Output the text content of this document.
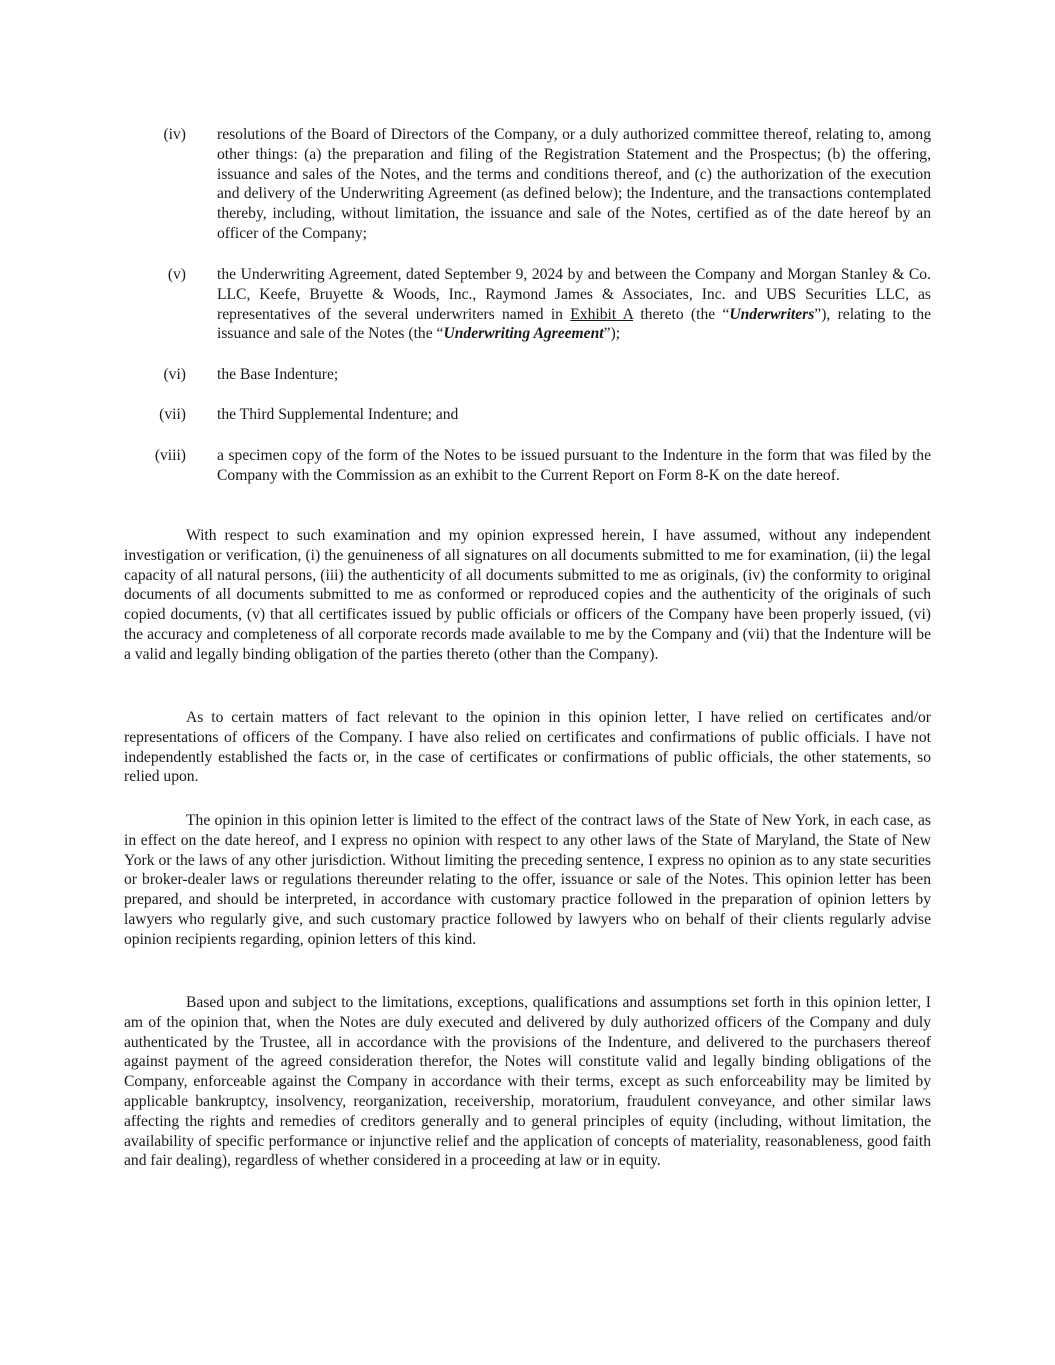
(iv) resolutions of the Board of Directors of the Company, or a duly authorized committee thereof, relating to, among other things: (a) the preparation and filing of the Registration Statement and the Prospectus; (b) the offering, issuance and sales of the Notes, and the terms and conditions thereof, and (c) the authorization of the execution and delivery of the Underwriting Agreement (as defined below); the Indenture, and the transactions contemplated thereby, including, without limitation, the issuance and sale of the Notes, certified as of the date hereof by an officer of the Company;
(v) the Underwriting Agreement, dated September 9, 2024 by and between the Company and Morgan Stanley & Co. LLC, Keefe, Bruyette & Woods, Inc., Raymond James & Associates, Inc. and UBS Securities LLC, as representatives of the several underwriters named in Exhibit A thereto (the “Underwriters”), relating to the issuance and sale of the Notes (the “Underwriting Agreement”);
(vi) the Base Indenture;
(vii) the Third Supplemental Indenture; and
(viii) a specimen copy of the form of the Notes to be issued pursuant to the Indenture in the form that was filed by the Company with the Commission as an exhibit to the Current Report on Form 8-K on the date hereof.

With respect to such examination and my opinion expressed herein, I have assumed, without any independent investigation or verification, (i) the genuineness of all signatures on all documents submitted to me for examination, (ii) the legal capacity of all natural persons, (iii) the authenticity of all documents submitted to me as originals, (iv) the conformity to original documents of all documents submitted to me as conformed or reproduced copies and the authenticity of the originals of such copied documents, (v) that all certificates issued by public officials or officers of the Company have been properly issued, (vi) the accuracy and completeness of all corporate records made available to me by the Company and (vii) that the Indenture will be a valid and legally binding obligation of the parties thereto (other than the Company).

As to certain matters of fact relevant to the opinion in this opinion letter, I have relied on certificates and/or representations of officers of the Company. I have also relied on certificates and confirmations of public officials. I have not independently established the facts or, in the case of certificates or confirmations of public officials, the other statements, so relied upon.

The opinion in this opinion letter is limited to the effect of the contract laws of the State of New York, in each case, as in effect on the date hereof, and I express no opinion with respect to any other laws of the State of Maryland, the State of New York or the laws of any other jurisdiction. Without limiting the preceding sentence, I express no opinion as to any state securities or broker-dealer laws or regulations thereunder relating to the offer, issuance or sale of the Notes. This opinion letter has been prepared, and should be interpreted, in accordance with customary practice followed in the preparation of opinion letters by lawyers who regularly give, and such customary practice followed by lawyers who on behalf of their clients regularly advise opinion recipients regarding, opinion letters of this kind.

Based upon and subject to the limitations, exceptions, qualifications and assumptions set forth in this opinion letter, I am of the opinion that, when the Notes are duly executed and delivered by duly authorized officers of the Company and duly authenticated by the Trustee, all in accordance with the provisions of the Indenture, and delivered to the purchasers thereof against payment of the agreed consideration therefor, the Notes will constitute valid and legally binding obligations of the Company, enforceable against the Company in accordance with their terms, except as such enforceability may be limited by applicable bankruptcy, insolvency, reorganization, receivership, moratorium, fraudulent conveyance, and other similar laws affecting the rights and remedies of creditors generally and to general principles of equity (including, without limitation, the availability of specific performance or injunctive relief and the application of concepts of materiality, reasonableness, good faith and fair dealing), regardless of whether considered in a proceeding at law or in equity.
